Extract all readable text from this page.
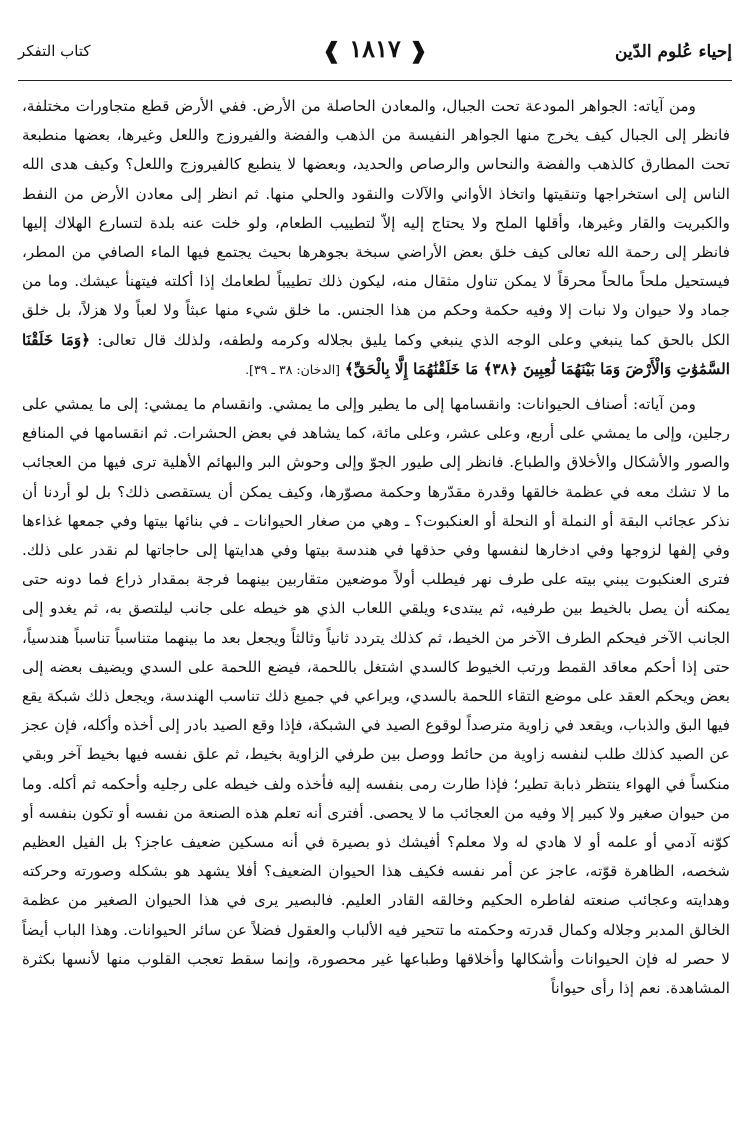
إحياء عُلوم الدّين
❰ ١٨١٧ ❱
كتاب التفكر

ومن آياته: الجواهر المودعة تحت الجبال، والمعادن الحاصلة من الأرض. ففي الأرض قطع متجاورات مختلفة، فانظر إلى الجبال كيف يخرج منها الجواهر النفيسة من الذهب والفضة والفيروزج واللعل وغيرها، بعضها منطبعة تحت المطارق كالذهب والفضة والنحاس والرصاص والحديد، وبعضها لا ينطبع كالفيروزج واللعل؟ وكيف هدى الله الناس إلى استخراجها وتنقيتها واتخاذ الأواني والآلات والنقود والحلي منها. ثم انظر إلى معادن الأرض من النفط والكبريت والقار وغيرها، وأقلها الملح ولا يحتاج إليه إلاّ لتطييب الطعام، ولو خلت عنه بلدة لتسارع الهلاك إليها فانظر إلى رحمة الله تعالى كيف خلق بعض الأراضي سبخة بجوهرها بحيث يجتمع فيها الماء الصافي من المطر، فيستحيل ملحاً مالحاً محرقاً لا يمكن تناول مثقال منه، ليكون ذلك تطييباً لطعامك إذا أكلته فيتهنأ عيشك. وما من جماد ولا حيوان ولا نبات إلا وفيه حكمة وحكم من هذا الجنس. ما خلق شيء منها عبثاً ولا لعباً ولا هزلاً، بل خلق الكل بالحق كما ينبغي وعلى الوجه الذي ينبغي وكما يليق بجلاله وكرمه ولطفه، ولذلك قال تعالى: ﴿وَمَا خَلَقْنَا السَّمَٰوَٰتِ وَالْأَرْضَ وَمَا بَيْنَهُمَا لَٰعِبِينَ ﴿٣٨﴾ مَا خَلَقْنَٰهُمَا إِلَّا بِالْحَقِّ﴾ [الدخان: ٣٨ ـ ٣٩].

ومن آياته: أصناف الحيوانات: وانقسامها إلى ما يطير وإلى ما يمشي. وانقسام ما يمشي: إلى ما يمشي على رجلين، وإلى ما يمشي على أربع، وعلى عشر، وعلى مائة، كما يشاهد في بعض الحشرات. ثم انقسامها في المنافع والصور والأشكال والأخلاق والطباع. فانظر إلى طيور الجوّ وإلى وحوش البر والبهائم الأهلية ترى فيها من العجائب ما لا تشك معه في عظمة خالقها وقدرة مقدّرها وحكمة مصوّرها، وكيف يمكن أن يستقصى ذلك؟ بل لو أردنا أن نذكر عجائب البقة أو النملة أو النحلة أو العنكبوت؟ ـ وهي من صغار الحيوانات ـ في بنائها بيتها وفي جمعها غذاءها وفي إلفها لزوجها وفي ادخارها لنفسها وفي حذقها في هندسة بيتها وفي هدايتها إلى حاجاتها لم نقدر على ذلك. فترى العنكبوت يبني بيته على طرف نهر فيطلب أولاً موضعين متقاربين بينهما فرجة بمقدار ذراع فما دونه حتى يمكنه أن يصل بالخيط بين طرفيه، ثم يبتدىء ويلقي اللعاب الذي هو خيطه على جانب ليلتصق به، ثم يغدو إلى الجانب الآخر فيحكم الطرف الآخر من الخيط، ثم كذلك يتردد ثانياً وثالثاً ويجعل بعد ما بينهما متناسباً تناسباً هندسياً، حتى إذا أحكم معاقد القمط ورتب الخيوط كالسدي اشتغل باللحمة، فيضع اللحمة على السدي ويضيف بعضه إلى بعض ويحكم العقد على موضع التقاء اللحمة بالسدي، ويراعي في جميع ذلك تناسب الهندسة، ويجعل ذلك شبكة يقع فيها البق والذباب، ويقعد في زاوية مترصداً لوقوع الصيد في الشبكة، فإذا وقع الصيد بادر إلى أخذه وأكله، فإن عجز عن الصيد كذلك طلب لنفسه زاوية من حائط ووصل بين طرفي الزاوية بخيط، ثم علق نفسه فيها بخيط آخر وبقي منكساً في الهواء ينتظر ذبابة تطير؛ فإذا طارت رمى بنفسه إليه فأخذه ولف خيطه على رجليه وأحكمه ثم أكله. وما من حيوان صغير ولا كبير إلا وفيه من العجائب ما لا يحصى. أفترى أنه تعلم هذه الصنعة من نفسه أو تكون بنفسه أو كوّنه آدمي أو علمه أو لا هادي له ولا معلم؟ أفيشك ذو بصيرة في أنه مسكين ضعيف عاجز؟ بل الفيل العظيم شخصه، الظاهرة قوّته، عاجز عن أمر نفسه فكيف هذا الحيوان الضعيف؟ أفلا يشهد هو بشكله وصورته وحركته وهدايته وعجائب صنعته لفاطره الحكيم وخالقه القادر العليم. فالبصير يرى في هذا الحيوان الصغير من عظمة الخالق المدبر وجلاله وكمال قدرته وحكمته ما تتحير فيه الألباب والعقول فضلاً عن سائر الحيوانات. وهذا الباب أيضاً لا حصر له فإن الحيوانات وأشكالها وأخلاقها وطباعها غير محصورة، وإنما سقط تعجب القلوب منها لأنسها بكثرة المشاهدة. نعم إذا رأى حيواناً
